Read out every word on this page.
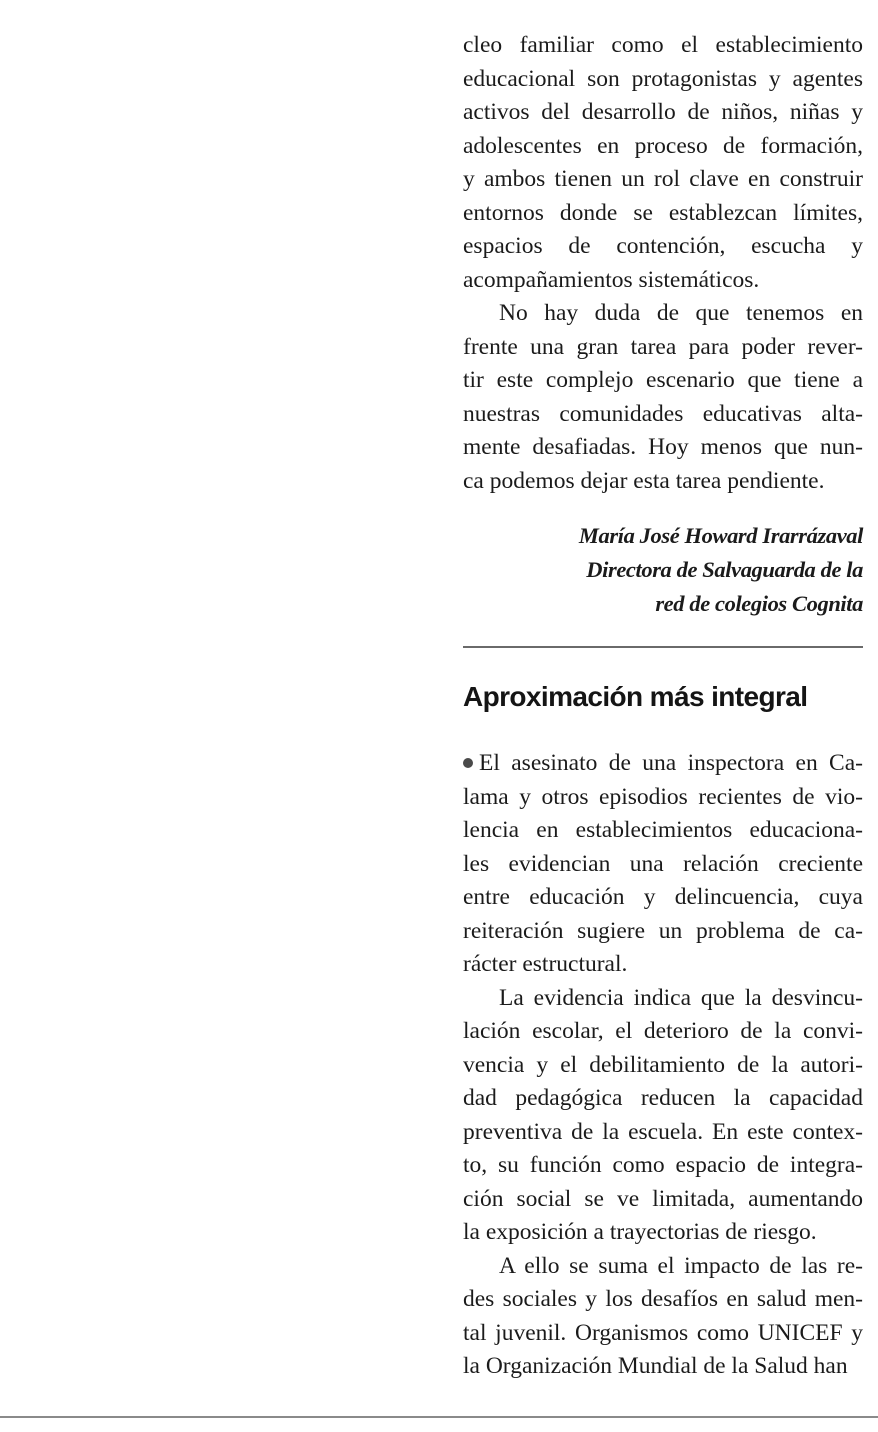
cleo familiar como el establecimiento
educacional son protagonistas y agentes
activos del desarrollo de niños, niñas y
adolescentes en proceso de formación,
y ambos tienen un rol clave en construir
entornos donde se establezcan límites,
espacios de contención, escucha y
acompañamientos sistemáticos.
No hay duda de que tenemos en
frente una gran tarea para poder rever-
tir este complejo escenario que tiene a
nuestras comunidades educativas alta-
mente desafiadas. Hoy menos que nun-
ca podemos dejar esta tarea pendiente.
María José Howard Irarrázaval
Directora de Salvaguarda de la
red de colegios Cognita
Aproximación más integral
El asesinato de una inspectora en Ca-
lama y otros episodios recientes de vio-
lencia en establecimientos educaciona-
les evidencian una relación creciente
entre educación y delincuencia, cuya
reiteración sugiere un problema de ca-
rácter estructural.
La evidencia indica que la desvincu-
lación escolar, el deterioro de la convi-
vencia y el debilitamiento de la autori-
dad pedagógica reducen la capacidad
preventiva de la escuela. En este contex-
to, su función como espacio de integra-
ción social se ve limitada, aumentando
la exposición a trayectorias de riesgo.
A ello se suma el impacto de las re-
des sociales y los desafíos en salud men-
tal juvenil. Organismos como UNICEF y
la Organización Mundial de la Salud han
